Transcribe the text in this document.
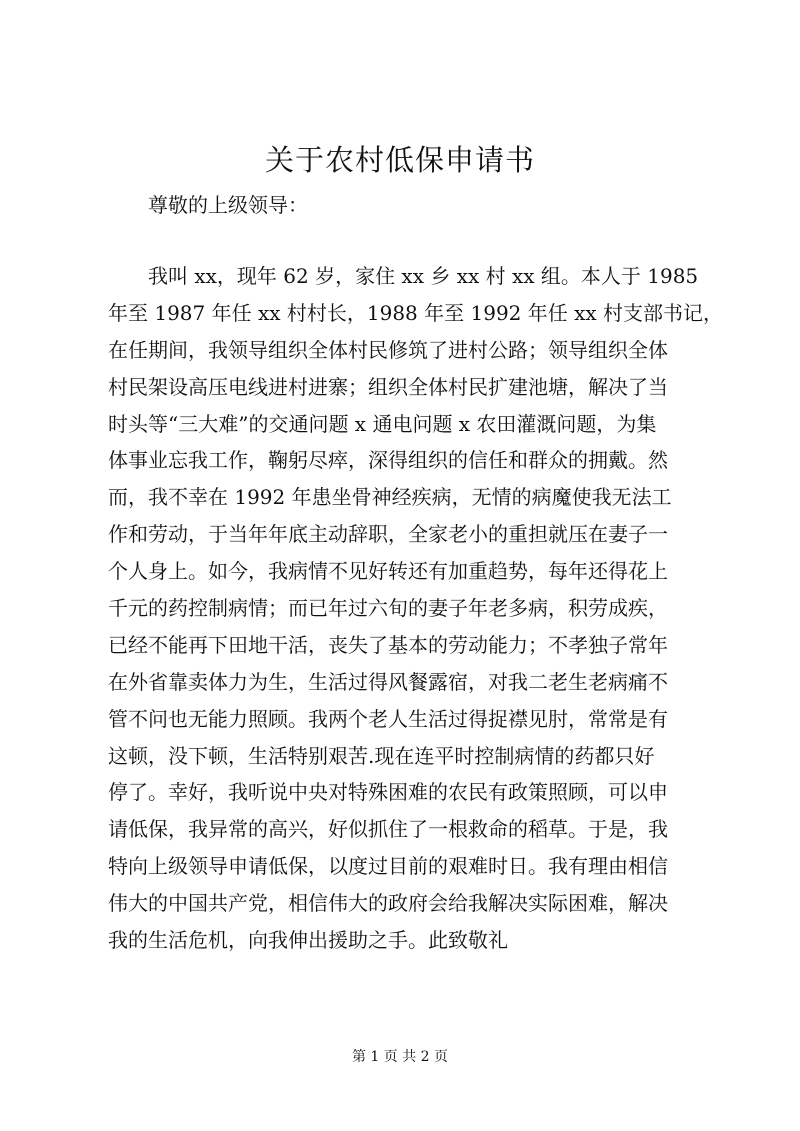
关于农村低保申请书
尊敬的上级领导：
我叫 xx，现年 62 岁，家住 xx 乡 xx 村 xx 组。本人于 1985
年至 1987 年任 xx 村村长，1988 年至 1992 年任 xx 村支部书记，
在任期间，我领导组织全体村民修筑了进村公路；领导组织全体
村民架设高压电线进村进寨；组织全体村民扩建池塘，解决了当
时头等“三大难”的交通问题 x 通电问题 x 农田灌溉问题，为集
体事业忘我工作，鞠躬尽瘁，深得组织的信任和群众的拥戴。然
而，我不幸在 1992 年患坐骨神经疾病，无情的病魔使我无法工
作和劳动，于当年年底主动辞职，全家老小的重担就压在妻子一
个人身上。如今，我病情不见好转还有加重趋势，每年还得花上
千元的药控制病情；而已年过六旬的妻子年老多病，积劳成疾，
已经不能再下田地干活，丧失了基本的劳动能力；不孝独子常年
在外省靠卖体力为生，生活过得风餐露宿，对我二老生老病痛不
管不问也无能力照顾。我两个老人生活过得捉襟见肘，常常是有
这顿，没下顿，生活特别艰苦.现在连平时控制病情的药都只好
停了。幸好，我听说中央对特殊困难的农民有政策照顾，可以申
请低保，我异常的高兴，好似抓住了一根救命的稻草。于是，我
特向上级领导申请低保，以度过目前的艰难时日。我有理由相信
伟大的中国共产党，相信伟大的政府会给我解决实际困难，解决
我的生活危机，向我伸出援助之手。此致敬礼
第 1 页 共 2 页
